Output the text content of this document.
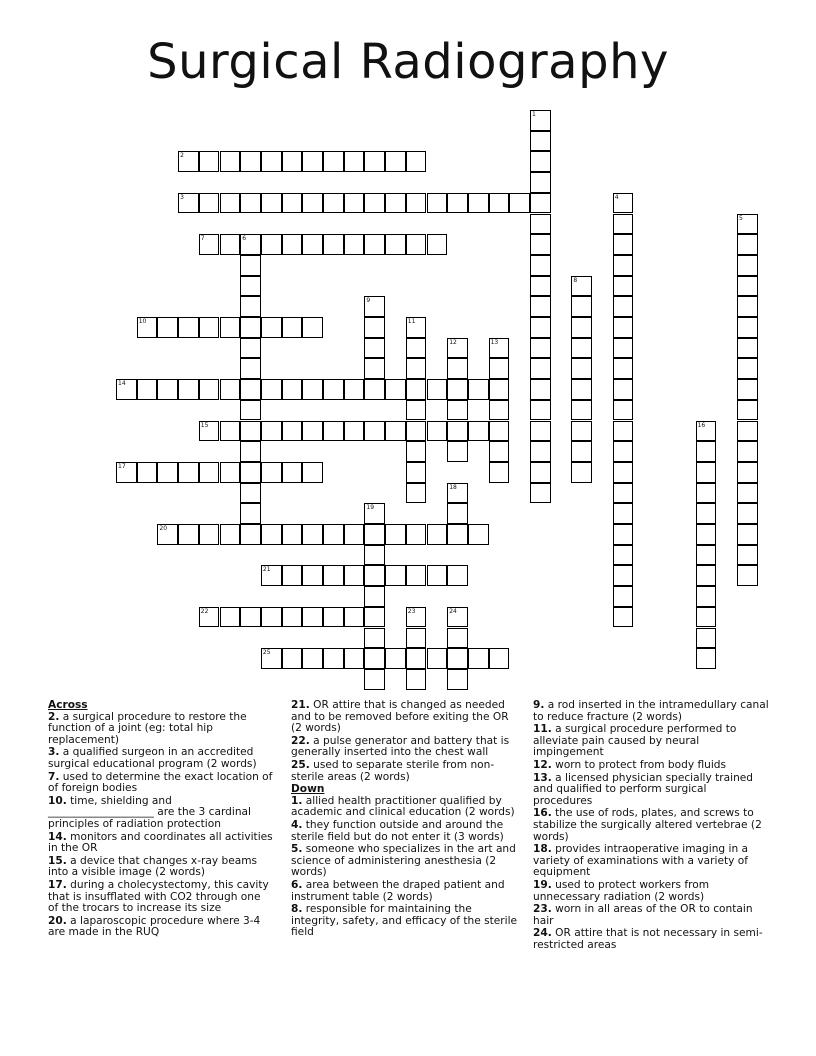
Surgical Radiography
2
3
7	6
10
14
15
17
20
21
22
25
1
4
5
8
9
11
12	13
16
18
19
23	24
Across
2. a surgical procedure to restore the function of a joint (eg: total hip replacement)
3. a qualified surgeon in an accredited surgical educational program (2 words)
7. used to determine the exact location of of foreign bodies
10. time, shielding and ____________________ are the 3 cardinal principles of radiation protection
14. monitors and coordinates all activities in the OR
15. a device that changes x-ray beams into a visible image (2 words)
17. during a cholecystectomy, this cavity that is insufflated with CO2 through one of the trocars to increase its size
20. a laparoscopic procedure where 3-4 are made in the RUQ
21. OR attire that is changed as needed and to be removed before exiting the OR (2 words)
22. a pulse generator and battery that is generally inserted into the chest wall
25. used to separate sterile from non-sterile areas (2 words)
Down
1. allied health practitioner qualified by academic and clinical education (2 words)
4. they function outside and around the sterile field but do not enter it (3 words)
5. someone who specializes in the art and science of administering anesthesia (2 words)
6. area between the draped patient and instrument table (2 words)
8. responsible for maintaining the integrity, safety, and efficacy of the sterile field
9. a rod inserted in the intramedullary canal to reduce fracture (2 words)
11. a surgical procedure performed to alleviate pain caused by neural impingement
12. worn to protect from body fluids
13. a licensed physician specially trained and qualified to perform surgical procedures
16. the use of rods, plates, and screws to stabilize the surgically altered vertebrae (2 words)
18. provides intraoperative imaging in a variety of examinations with a variety of equipment
19. used to protect workers from unnecessary radiation (2 words)
23. worn in all areas of the OR to contain hair
24. OR attire that is not necessary in semi-restricted areas
